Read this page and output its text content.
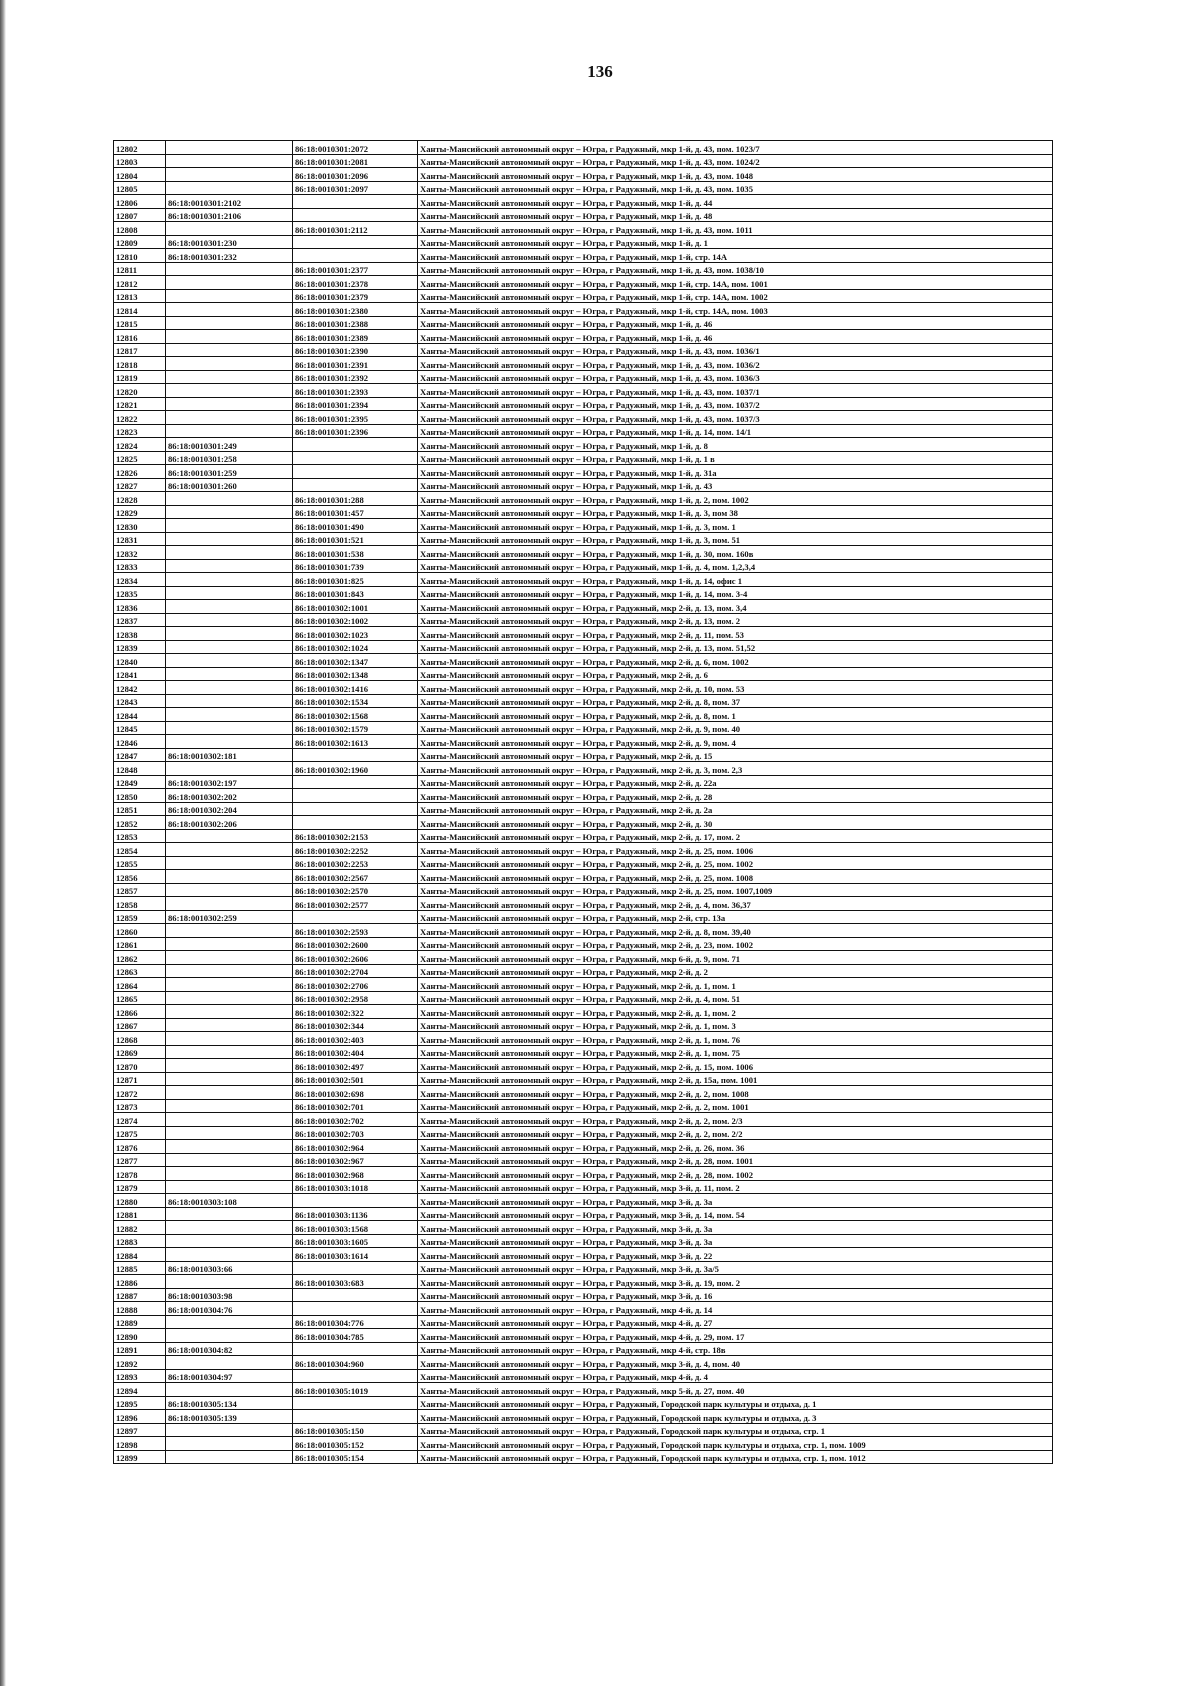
136
12802		86:18:0010301:2072	Ханты-Мансийский автономный округ – Югра, г Радужный, мкр 1-й, д. 43, пом. 1023/7
12803		86:18:0010301:2081	Ханты-Мансийский автономный округ – Югра, г Радужный, мкр 1-й, д. 43, пом. 1024/2
12804		86:18:0010301:2096	Ханты-Мансийский автономный округ – Югра, г Радужный, мкр 1-й, д. 43, пом. 1048
12805		86:18:0010301:2097	Ханты-Мансийский автономный округ – Югра, г Радужный, мкр 1-й, д. 43, пом. 1035
12806	86:18:0010301:2102		Ханты-Мансийский автономный округ – Югра, г Радужный, мкр 1-й, д. 44
12807	86:18:0010301:2106		Ханты-Мансийский автономный округ – Югра, г Радужный, мкр 1-й, д. 48
12808		86:18:0010301:2112	Ханты-Мансийский автономный округ – Югра, г Радужный, мкр 1-й, д. 43, пом. 1011
12809	86:18:0010301:230		Ханты-Мансийский автономный округ – Югра, г Радужный, мкр 1-й, д. 1
12810	86:18:0010301:232		Ханты-Мансийский автономный округ – Югра, г Радужный, мкр 1-й, стр. 14А
12811		86:18:0010301:2377	Ханты-Мансийский автономный округ – Югра, г Радужный, мкр 1-й, д. 43, пом. 1038/10
12812		86:18:0010301:2378	Ханты-Мансийский автономный округ – Югра, г Радужный, мкр 1-й, стр. 14А, пом. 1001
12813		86:18:0010301:2379	Ханты-Мансийский автономный округ – Югра, г Радужный, мкр 1-й, стр. 14А, пом. 1002
12814		86:18:0010301:2380	Ханты-Мансийский автономный округ – Югра, г Радужный, мкр 1-й, стр. 14А, пом. 1003
12815		86:18:0010301:2388	Ханты-Мансийский автономный округ – Югра, г Радужный, мкр 1-й, д. 46
12816		86:18:0010301:2389	Ханты-Мансийский автономный округ – Югра, г Радужный, мкр 1-й, д. 46
12817		86:18:0010301:2390	Ханты-Мансийский автономный округ – Югра, г Радужный, мкр 1-й, д. 43, пом. 1036/1
12818		86:18:0010301:2391	Ханты-Мансийский автономный округ – Югра, г Радужный, мкр 1-й, д. 43, пом. 1036/2
12819		86:18:0010301:2392	Ханты-Мансийский автономный округ – Югра, г Радужный, мкр 1-й, д. 43, пом. 1036/3
12820		86:18:0010301:2393	Ханты-Мансийский автономный округ – Югра, г Радужный, мкр 1-й, д. 43, пом. 1037/1
12821		86:18:0010301:2394	Ханты-Мансийский автономный округ – Югра, г Радужный, мкр 1-й, д. 43, пом. 1037/2
12822		86:18:0010301:2395	Ханты-Мансийский автономный округ – Югра, г Радужный, мкр 1-й, д. 43, пом. 1037/3
12823		86:18:0010301:2396	Ханты-Мансийский автономный округ – Югра, г Радужный, мкр 1-й, д. 14, пом. 14/1
12824	86:18:0010301:249		Ханты-Мансийский автономный округ – Югра, г Радужный, мкр 1-й, д. 8
12825	86:18:0010301:258		Ханты-Мансийский автономный округ – Югра, г Радужный, мкр 1-й, д. 1 в
12826	86:18:0010301:259		Ханты-Мансийский автономный округ – Югра, г Радужный, мкр 1-й, д. 31а
12827	86:18:0010301:260		Ханты-Мансийский автономный округ – Югра, г Радужный, мкр 1-й, д. 43
12828		86:18:0010301:288	Ханты-Мансийский автономный округ – Югра, г Радужный, мкр 1-й, д. 2, пом. 1002
12829		86:18:0010301:457	Ханты-Мансийский автономный округ – Югра, г Радужный, мкр 1-й, д. 3, пом 38
12830		86:18:0010301:490	Ханты-Мансийский автономный округ – Югра, г Радужный, мкр 1-й, д. 3, пом. 1
12831		86:18:0010301:521	Ханты-Мансийский автономный округ – Югра, г Радужный, мкр 1-й, д. 3, пом. 51
12832		86:18:0010301:538	Ханты-Мансийский автономный округ – Югра, г Радужный, мкр 1-й, д. 30, пом. 160в
12833		86:18:0010301:739	Ханты-Мансийский автономный округ – Югра, г Радужный, мкр 1-й, д. 4, пом. 1,2,3,4
12834		86:18:0010301:825	Ханты-Мансийский автономный округ – Югра, г Радужный, мкр 1-й, д. 14, офис 1
12835		86:18:0010301:843	Ханты-Мансийский автономный округ – Югра, г Радужный, мкр 1-й, д. 14, пом. 3-4
12836		86:18:0010302:1001	Ханты-Мансийский автономный округ – Югра, г Радужный, мкр 2-й, д. 13, пом. 3,4
12837		86:18:0010302:1002	Ханты-Мансийский автономный округ – Югра, г Радужный, мкр 2-й, д. 13, пом. 2
12838		86:18:0010302:1023	Ханты-Мансийский автономный округ – Югра, г Радужный, мкр 2-й, д. 11, пом. 53
12839		86:18:0010302:1024	Ханты-Мансийский автономный округ – Югра, г Радужный, мкр 2-й, д. 13, пом. 51,52
12840		86:18:0010302:1347	Ханты-Мансийский автономный округ – Югра, г Радужный, мкр 2-й, д. 6, пом. 1002
12841		86:18:0010302:1348	Ханты-Мансийский автономный округ – Югра, г Радужный, мкр 2-й, д. 6
12842		86:18:0010302:1416	Ханты-Мансийский автономный округ – Югра, г Радужный, мкр 2-й, д. 10, пом. 53
12843		86:18:0010302:1534	Ханты-Мансийский автономный округ – Югра, г Радужный, мкр 2-й, д. 8, пом. 37
12844		86:18:0010302:1568	Ханты-Мансийский автономный округ – Югра, г Радужный, мкр 2-й, д. 8, пом. 1
12845		86:18:0010302:1579	Ханты-Мансийский автономный округ – Югра, г Радужный, мкр 2-й, д. 9, пом. 40
12846		86:18:0010302:1613	Ханты-Мансийский автономный округ – Югра, г Радужный, мкр 2-й, д. 9, пом. 4
12847	86:18:0010302:181		Ханты-Мансийский автономный округ – Югра, г Радужный, мкр 2-й, д. 15
12848		86:18:0010302:1960	Ханты-Мансийский автономный округ – Югра, г Радужный, мкр 2-й, д. 3, пом. 2,3
12849	86:18:0010302:197		Ханты-Мансийский автономный округ – Югра, г Радужный, мкр 2-й, д. 22а
12850	86:18:0010302:202		Ханты-Мансийский автономный округ – Югра, г Радужный, мкр 2-й, д. 28
12851	86:18:0010302:204		Ханты-Мансийский автономный округ – Югра, г Радужный, мкр 2-й, д. 2а
12852	86:18:0010302:206		Ханты-Мансийский автономный округ – Югра, г Радужный, мкр 2-й, д. 30
12853		86:18:0010302:2153	Ханты-Мансийский автономный округ – Югра, г Радужный, мкр 2-й, д. 17, пом. 2
12854		86:18:0010302:2252	Ханты-Мансийский автономный округ – Югра, г Радужный, мкр 2-й, д. 25, пом. 1006
12855		86:18:0010302:2253	Ханты-Мансийский автономный округ – Югра, г Радужный, мкр 2-й, д. 25, пом. 1002
12856		86:18:0010302:2567	Ханты-Мансийский автономный округ – Югра, г Радужный, мкр 2-й, д. 25, пом. 1008
12857		86:18:0010302:2570	Ханты-Мансийский автономный округ – Югра, г Радужный, мкр 2-й, д. 25, пом. 1007,1009
12858		86:18:0010302:2577	Ханты-Мансийский автономный округ – Югра, г Радужный, мкр 2-й, д. 4, пом. 36,37
12859	86:18:0010302:259		Ханты-Мансийский автономный округ – Югра, г Радужный, мкр 2-й, стр. 13а
12860		86:18:0010302:2593	Ханты-Мансийский автономный округ – Югра, г Радужный, мкр 2-й, д. 8, пом. 39,40
12861		86:18:0010302:2600	Ханты-Мансийский автономный округ – Югра, г Радужный, мкр 2-й, д. 23, пом. 1002
12862		86:18:0010302:2606	Ханты-Мансийский автономный округ – Югра, г Радужный, мкр 6-й, д. 9, пом. 71
12863		86:18:0010302:2704	Ханты-Мансийский автономный округ – Югра, г Радужный, мкр 2-й, д. 2
12864		86:18:0010302:2706	Ханты-Мансийский автономный округ – Югра, г Радужный, мкр 2-й, д. 1, пом. 1
12865		86:18:0010302:2958	Ханты-Мансийский автономный округ – Югра, г Радужный, мкр 2-й, д. 4, пом. 51
12866		86:18:0010302:322	Ханты-Мансийский автономный округ – Югра, г Радужный, мкр 2-й, д. 1, пом. 2
12867		86:18:0010302:344	Ханты-Мансийский автономный округ – Югра, г Радужный, мкр 2-й, д. 1, пом. 3
12868		86:18:0010302:403	Ханты-Мансийский автономный округ – Югра, г Радужный, мкр 2-й, д. 1, пом. 76
12869		86:18:0010302:404	Ханты-Мансийский автономный округ – Югра, г Радужный, мкр 2-й, д. 1, пом. 75
12870		86:18:0010302:497	Ханты-Мансийский автономный округ – Югра, г Радужный, мкр 2-й, д. 15, пом. 1006
12871		86:18:0010302:501	Ханты-Мансийский автономный округ – Югра, г Радужный, мкр 2-й, д. 15а, пом. 1001
12872		86:18:0010302:698	Ханты-Мансийский автономный округ – Югра, г Радужный, мкр 2-й, д. 2, пом. 1008
12873		86:18:0010302:701	Ханты-Мансийский автономный округ – Югра, г Радужный, мкр 2-й, д. 2, пом. 1001
12874		86:18:0010302:702	Ханты-Мансийский автономный округ – Югра, г Радужный, мкр 2-й, д. 2, пом. 2/3
12875		86:18:0010302:703	Ханты-Мансийский автономный округ – Югра, г Радужный, мкр 2-й, д. 2, пом. 2/2
12876		86:18:0010302:964	Ханты-Мансийский автономный округ – Югра, г Радужный, мкр 2-й, д. 26, пом. 36
12877		86:18:0010302:967	Ханты-Мансийский автономный округ – Югра, г Радужный, мкр 2-й, д. 28, пом. 1001
12878		86:18:0010302:968	Ханты-Мансийский автономный округ – Югра, г Радужный, мкр 2-й, д. 28, пом. 1002
12879		86:18:0010303:1018	Ханты-Мансийский автономный округ – Югра, г Радужный, мкр 3-й, д. 11, пом. 2
12880	86:18:0010303:108		Ханты-Мансийский автономный округ – Югра, г Радужный, мкр 3-й, д. 3а
12881		86:18:0010303:1136	Ханты-Мансийский автономный округ – Югра, г Радужный, мкр 3-й, д. 14, пом. 54
12882		86:18:0010303:1568	Ханты-Мансийский автономный округ – Югра, г Радужный, мкр 3-й, д. 3а
12883		86:18:0010303:1605	Ханты-Мансийский автономный округ – Югра, г Радужный, мкр 3-й, д. 3а
12884		86:18:0010303:1614	Ханты-Мансийский автономный округ – Югра, г Радужный, мкр 3-й, д. 22
12885	86:18:0010303:66		Ханты-Мансийский автономный округ – Югра, г Радужный, мкр 3-й, д. 3а/5
12886		86:18:0010303:683	Ханты-Мансийский автономный округ – Югра, г Радужный, мкр 3-й, д. 19, пом. 2
12887	86:18:0010303:98		Ханты-Мансийский автономный округ – Югра, г Радужный, мкр 3-й, д. 16
12888	86:18:0010304:76		Ханты-Мансийский автономный округ – Югра, г Радужный, мкр 4-й, д. 14
12889		86:18:0010304:776	Ханты-Мансийский автономный округ – Югра, г Радужный, мкр 4-й, д. 27
12890		86:18:0010304:785	Ханты-Мансийский автономный округ – Югра, г Радужный, мкр 4-й, д. 29, пом. 17
12891	86:18:0010304:82		Ханты-Мансийский автономный округ – Югра, г Радужный, мкр 4-й, стр. 18в
12892		86:18:0010304:960	Ханты-Мансийский автономный округ – Югра, г Радужный, мкр 3-й, д. 4, пом. 40
12893	86:18:0010304:97		Ханты-Мансийский автономный округ – Югра, г Радужный, мкр 4-й, д. 4
12894		86:18:0010305:1019	Ханты-Мансийский автономный округ – Югра, г Радужный, мкр 5-й, д. 27, пом. 40
12895	86:18:0010305:134		Ханты-Мансийский автономный округ – Югра, г Радужный, Городской парк культуры и отдыха, д. 1
12896	86:18:0010305:139		Ханты-Мансийский автономный округ – Югра, г Радужный, Городской парк культуры и отдыха, д. 3
12897		86:18:0010305:150	Ханты-Мансийский автономный округ – Югра, г Радужный, Городской парк культуры и отдыха, стр. 1
12898		86:18:0010305:152	Ханты-Мансийский автономный округ – Югра, г Радужный, Городской парк культуры и отдыха, стр. 1, пом. 1009
12899		86:18:0010305:154	Ханты-Мансийский автономный округ – Югра, г Радужный, Городской парк культуры и отдыха, стр. 1, пом. 1012
